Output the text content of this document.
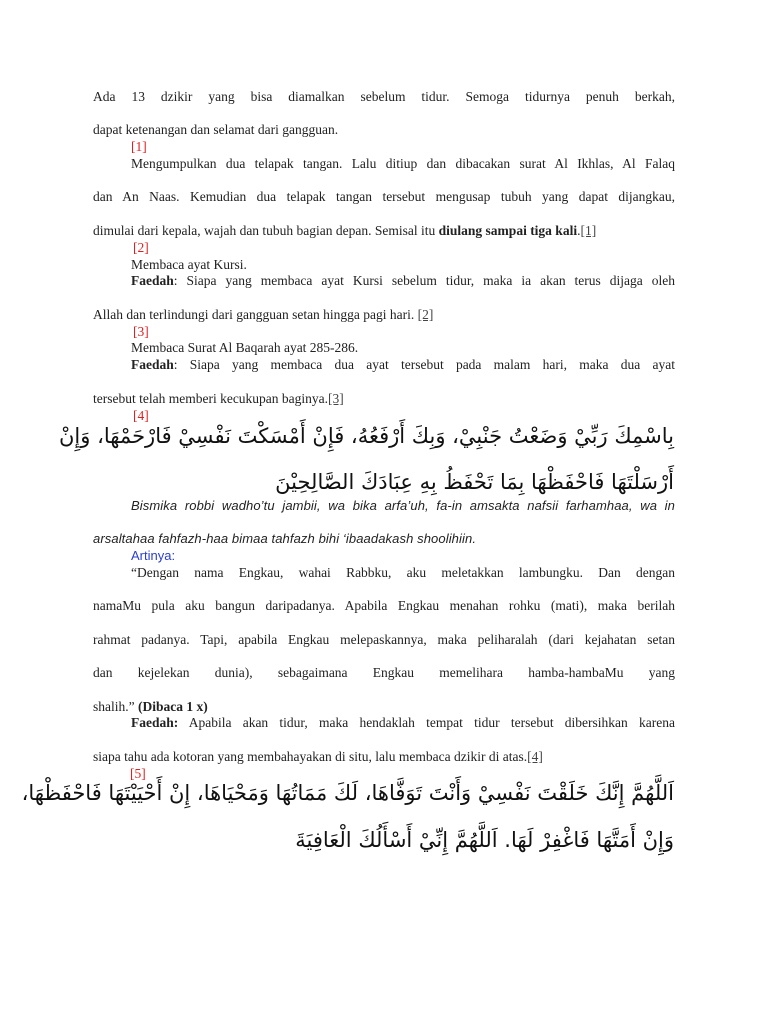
Ada 13 dzikir yang bisa diamalkan sebelum tidur. Semoga tidurnya penuh berkah,
dapat ketenangan dan selamat dari gangguan.
[1]
Mengumpulkan dua telapak tangan. Lalu ditiup dan dibacakan surat Al Ikhlas, Al Falaq
dan An Naas. Kemudian dua telapak tangan tersebut mengusap tubuh yang dapat dijangkau,
dimulai dari kepala, wajah dan tubuh bagian depan. Semisal itu diulang sampai tiga kali.[1]
[2]
Membaca ayat Kursi.
Faedah: Siapa yang membaca ayat Kursi sebelum tidur, maka ia akan terus dijaga oleh
Allah dan terlindungi dari gangguan setan hingga pagi hari. [2]
[3]
Membaca Surat Al Baqarah ayat 285-286.
Faedah: Siapa yang membaca dua ayat tersebut pada malam hari, maka dua ayat
tersebut telah memberi kecukupan baginya.[3]
[4]
بِاسْمِكَ رَبِّيْ وَضَعْتُ جَنْبِيْ، وَبِكَ أَرْفَعُهُ، فَإِنْ أَمْسَكْتَ نَفْسِيْ فَارْحَمْهَا، وَإِنْ
أَرْسَلْتَهَا فَاحْفَظْهَا بِمَا تَحْفَظُ بِهِ عِبَادَكَ الصَّالِحِيْنَ
Bismika robbi wadho’tu jambii, wa bika arfa’uh, fa-in amsakta nafsii farhamhaa, wa in
arsaltahaa fahfazh-haa bimaa tahfazh bihi ‘ibaadakash shoolihiin.
Artinya:
“Dengan nama Engkau, wahai Rabbku, aku meletakkan lambungku. Dan dengan
namaMu pula aku bangun daripadanya. Apabila Engkau menahan rohku (mati), maka berilah
rahmat padanya. Tapi, apabila Engkau melepaskannya, maka peliharalah (dari kejahatan setan
dan kejelekan dunia), sebagaimana Engkau memelihara hamba-hambaMu yang
shalih.” (Dibaca 1 x)
Faedah: Apabila akan tidur, maka hendaklah tempat tidur tersebut dibersihkan karena
siapa tahu ada kotoran yang membahayakan di situ, lalu membaca dzikir di atas.[4]
[5]
اَللَّهُمَّ إِنَّكَ خَلَقْتَ نَفْسِيْ وَأَنْتَ تَوَفَّاهَا، لَكَ مَمَاتُهَا وَمَحْيَاهَا، إِنْ أَحْيَيْتَهَا فَاحْفَظْهَا،
وَإِنْ أَمَتَّهَا فَاغْفِرْ لَهَا. اَللَّهُمَّ إِنِّيْ أَسْأَلُكَ الْعَافِيَةَ
